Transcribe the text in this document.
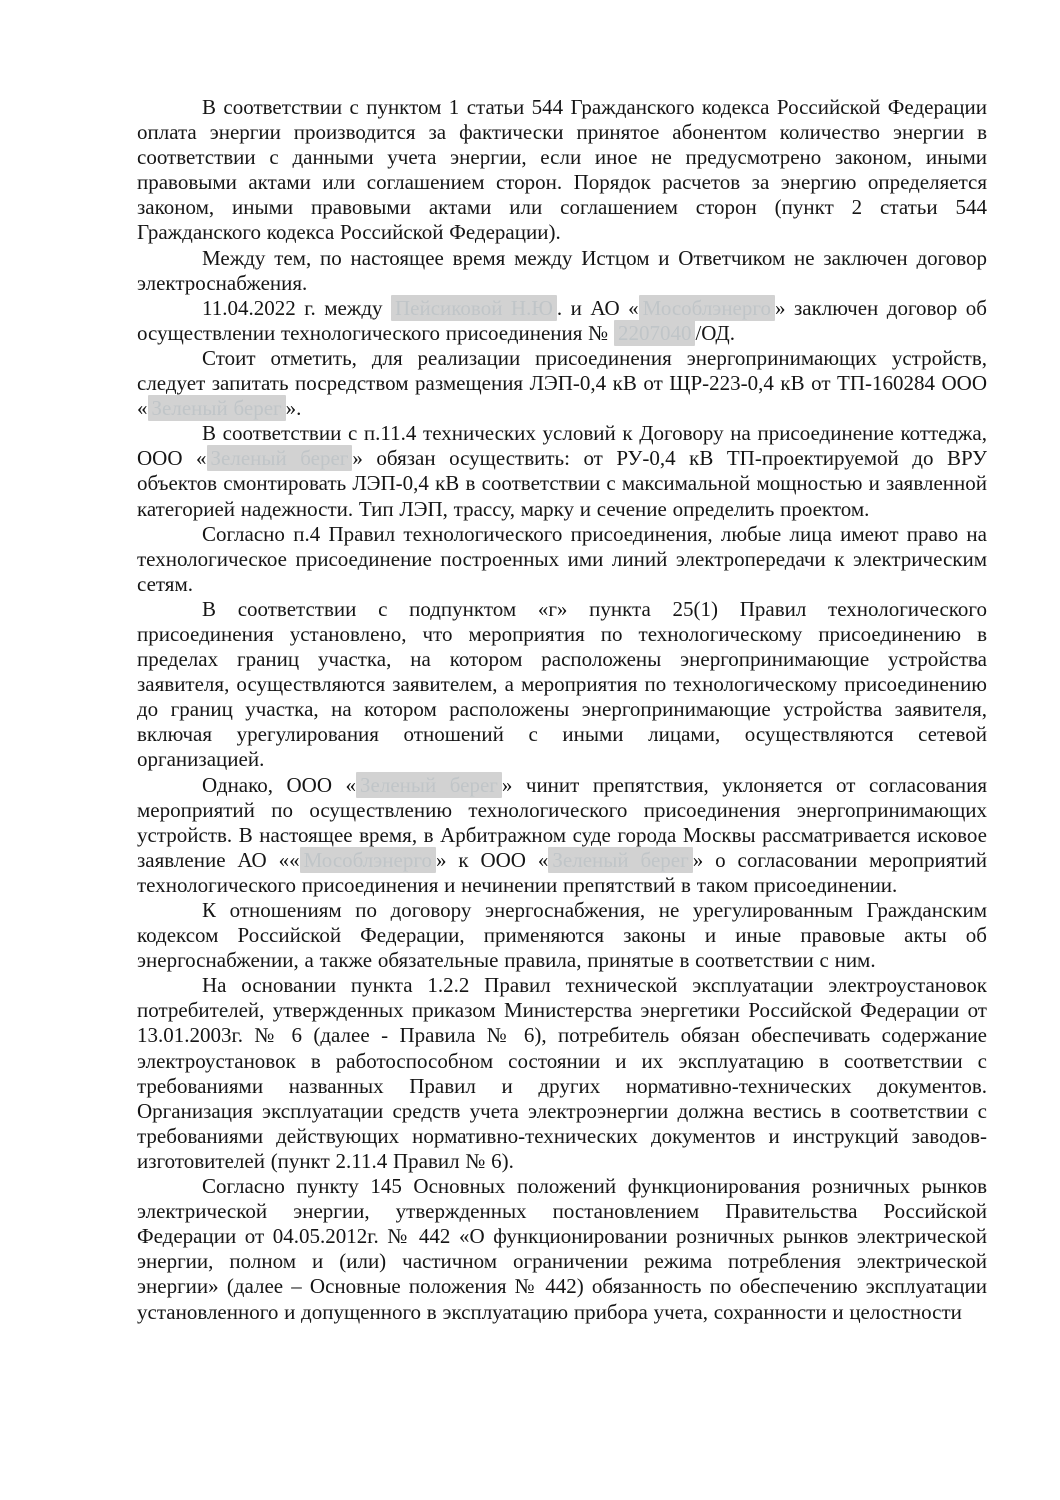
В соответствии с пунктом 1 статьи 544 Гражданского кодекса Российской Федерации оплата энергии производится за фактически принятое абонентом количество энергии в соответствии с данными учета энергии, если иное не предусмотрено законом, иными правовыми актами или соглашением сторон. Порядок расчетов за энергию определяется законом, иными правовыми актами или соглашением сторон (пункт 2 статьи 544 Гражданского кодекса Российской Федерации).

Между тем, по настоящее время между Истцом и Ответчиком не заключен договор электроснабжения.

11.04.2022 г. между Пейсиковой Н.Ю . и АО « Мособлэнерго » заключен договор об осуществлении технологического присоединения № 2207040 /ОД.

Стоит отметить, для реализации присоединения энергопринимающих устройств, следует запитать посредством размещения ЛЭП-0,4 кВ от ЩР-223-0,4 кВ от ТП-160284 ООО « Зеленый берег ».

В соответствии с п.11.4 технических условий к Договору на присоединение коттеджа, ООО « Зеленый берег » обязан осуществить: от РУ-0,4 кВ ТП-проектируемой до ВРУ объектов смонтировать ЛЭП-0,4 кВ в соответствии с максимальной мощностью и заявленной категорией надежности. Тип ЛЭП, трассу, марку и сечение определить проектом.

Согласно п.4 Правил технологического присоединения, любые лица имеют право на технологическое присоединение построенных ими линий электропередачи к электрическим сетям.

В соответствии с подпунктом «г» пункта 25(1) Правил технологического присоединения установлено, что мероприятия по технологическому присоединению в пределах границ участка, на котором расположены энергопринимающие устройства заявителя, осуществляются заявителем, а мероприятия по технологическому присоединению до границ участка, на котором расположены энергопринимающие устройства заявителя, включая урегулирования отношений с иными лицами, осуществляются сетевой организацией.

Однако, ООО « Зеленый берег » чинит препятствия, уклоняется от согласования мероприятий по осуществлению технологического присоединения энергопринимающих устройств. В настоящее время, в Арбитражном суде города Москвы рассматривается исковое заявление АО «« Мособлэнерго » к ООО « Зеленый берег » о согласовании мероприятий технологического присоединения и нечинении препятствий в таком присоединении.

К отношениям по договору энергоснабжения, не урегулированным Гражданским кодексом Российской Федерации, применяются законы и иные правовые акты об энергоснабжении, а также обязательные правила, принятые в соответствии с ним.

На основании пункта 1.2.2 Правил технической эксплуатации электроустановок потребителей, утвержденных приказом Министерства энергетики Российской Федерации от 13.01.2003г. № 6 (далее - Правила № 6), потребитель обязан обеспечивать содержание электроустановок в работоспособном состоянии и их эксплуатацию в соответствии с требованиями названных Правил и других нормативно-технических документов. Организация эксплуатации средств учета электроэнергии должна вестись в соответствии с требованиями действующих нормативно-технических документов и инструкций заводов-изготовителей (пункт 2.11.4 Правил № 6).

Согласно пункту 145 Основных положений функционирования розничных рынков электрической энергии, утвержденных постановлением Правительства Российской Федерации от 04.05.2012г. № 442 «О функционировании розничных рынков электрической энергии, полном и (или) частичном ограничении режима потребления электрической энергии» (далее – Основные положения № 442) обязанность по обеспечению эксплуатации установленного и допущенного в эксплуатацию прибора учета, сохранности и целостности
